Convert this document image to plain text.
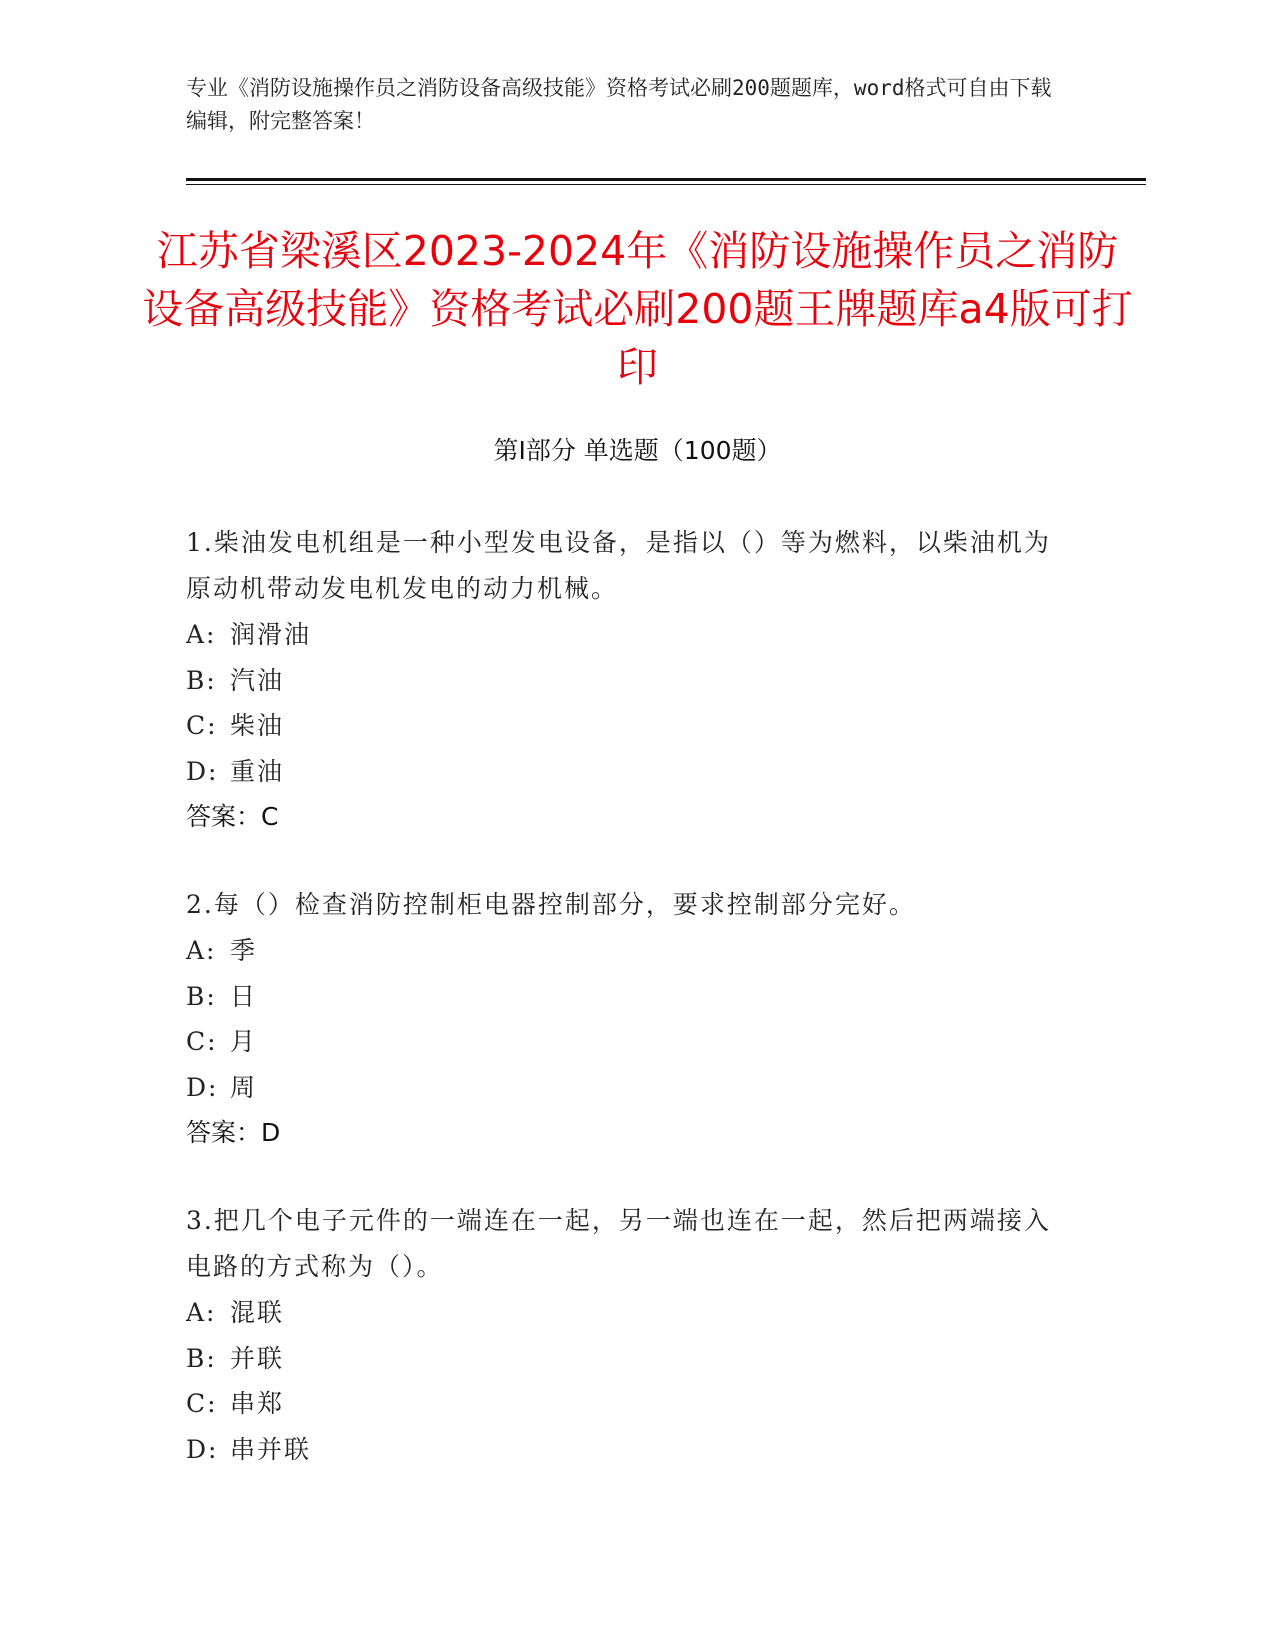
专业《消防设施操作员之消防设备高级技能》资格考试必刷200题题库，word格式可自由下载编辑，附完整答案！
江苏省梁溪区2023-2024年《消防设施操作员之消防设备高级技能》资格考试必刷200题王牌题库a4版可打印
第I部分 单选题（100题）
1.柴油发电机组是一种小型发电设备，是指以（）等为燃料，以柴油机为原动机带动发电机发电的动力机械。
A: 润滑油
B: 汽油
C: 柴油
D: 重油
答案：C
2.每（）检查消防控制柜电器控制部分，要求控制部分完好。
A: 季
B: 日
C: 月
D: 周
答案：D
3.把几个电子元件的一端连在一起，另一端也连在一起，然后把两端接入电路的方式称为（）。
A: 混联
B: 并联
C: 串郑
D: 串并联
